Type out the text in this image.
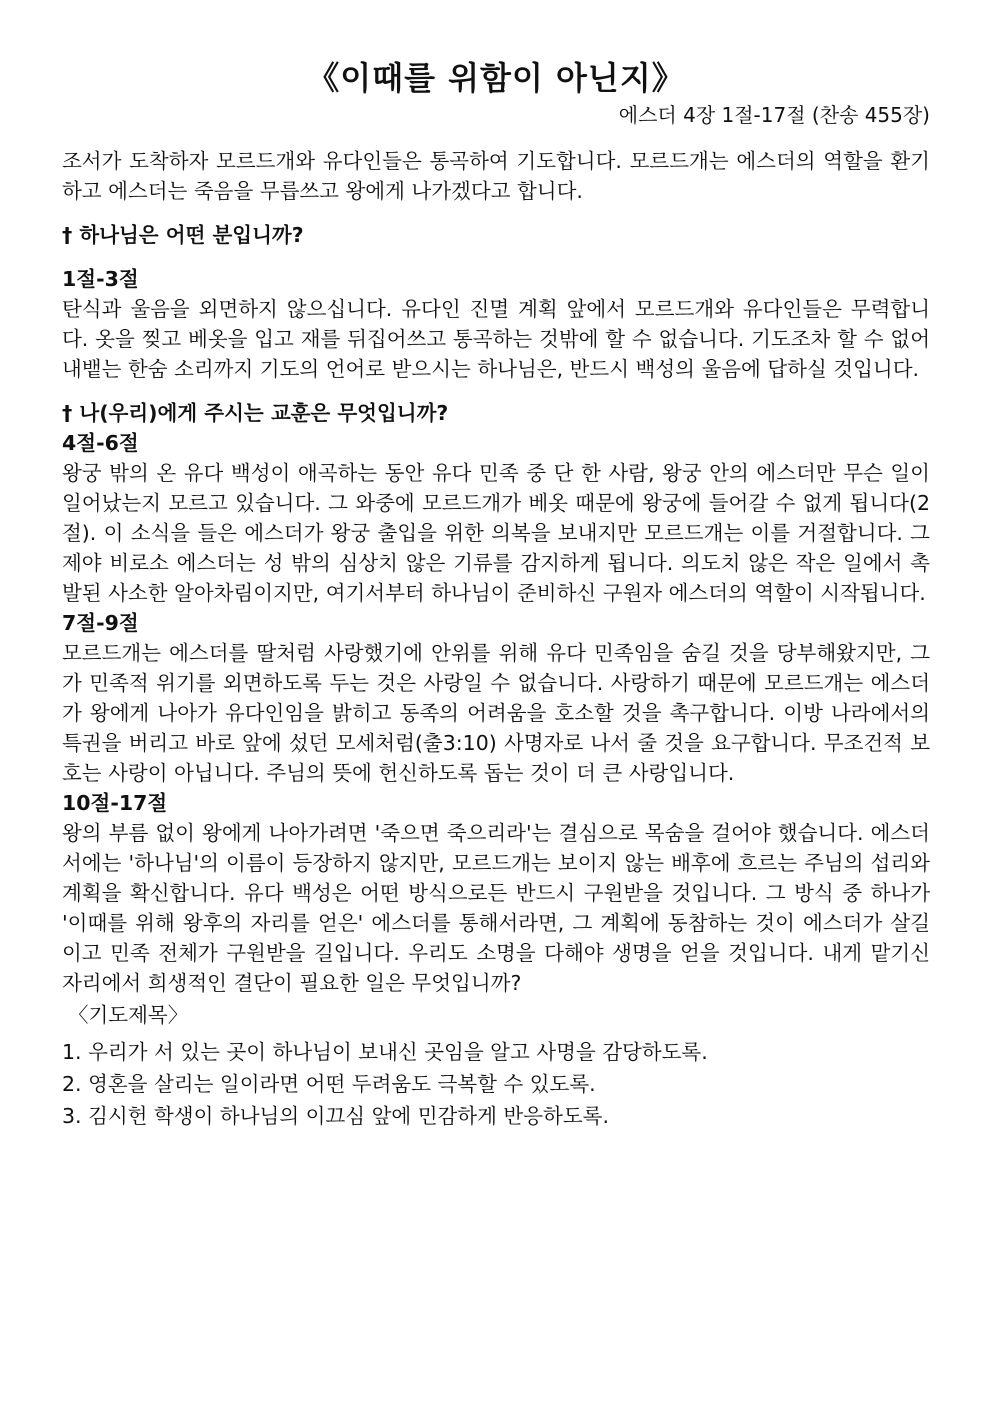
《이때를 위함이 아닌지》
에스더 4장 1절-17절 (찬송 455장)

조서가 도착하자 모르드개와 유다인들은 통곡하여 기도합니다. 모르드개는 에스더의 역할을 환기하고 에스더는 죽음을 무릅쓰고 왕에게 나가겠다고 합니다.

† 하나님은 어떤 분입니까?
1절-3절

탄식과 울음을 외면하지 않으십니다. 유다인 진멸 계획 앞에서 모르드개와 유다인들은 무력합니다. 옷을 찢고 베옷을 입고 재를 뒤집어쓰고 통곡하는 것밖에 할 수 없습니다. 기도조차 할 수 없어 내뱉는 한숨 소리까지 기도의 언어로 받으시는 하나님은, 반드시 백성의 울음에 답하실 것입니다.

† 나(우리)에게 주시는 교훈은 무엇입니까?
4절-6절

왕궁 밖의 온 유다 백성이 애곡하는 동안 유다 민족 중 단 한 사람, 왕궁 안의 에스더만 무슨 일이 일어났는지 모르고 있습니다. 그 와중에 모르드개가 베옷 때문에 왕궁에 들어갈 수 없게 됩니다(2절). 이 소식을 들은 에스더가 왕궁 출입을 위한 의복을 보내지만 모르드개는 이를 거절합니다. 그제야 비로소 에스더는 성 밖의 심상치 않은 기류를 감지하게 됩니다. 의도치 않은 작은 일에서 촉발된 사소한 알아차림이지만, 여기서부터 하나님이 준비하신 구원자 에스더의 역할이 시작됩니다.

7절-9절

모르드개는 에스더를 딸처럼 사랑했기에 안위를 위해 유다 민족임을 숨길 것을 당부해왔지만, 그가 민족적 위기를 외면하도록 두는 것은 사랑일 수 없습니다. 사랑하기 때문에 모르드개는 에스더가 왕에게 나아가 유다인임을 밝히고 동족의 어려움을 호소할 것을 촉구합니다. 이방 나라에서의 특권을 버리고 바로 앞에 섰던 모세처럼(출3:10) 사명자로 나서 줄 것을 요구합니다. 무조건적 보호는 사랑이 아닙니다. 주님의 뜻에 헌신하도록 돕는 것이 더 큰 사랑입니다.

10절-17절

왕의 부름 없이 왕에게 나아가려면 '죽으면 죽으리라'는 결심으로 목숨을 걸어야 했습니다. 에스더서에는 '하나님'의 이름이 등장하지 않지만, 모르드개는 보이지 않는 배후에 흐르는 주님의 섭리와 계획을 확신합니다. 유다 백성은 어떤 방식으로든 반드시 구원받을 것입니다. 그 방식 중 하나가 '이때를 위해 왕후의 자리를 얻은' 에스더를 통해서라면, 그 계획에 동참하는 것이 에스더가 살길이고 민족 전체가 구원받을 길입니다. 우리도 소명을 다해야 생명을 얻을 것입니다. 내게 맡기신 자리에서 희생적인 결단이 필요한 일은 무엇입니까?

〈기도제목〉
1. 우리가 서 있는 곳이 하나님이 보내신 곳임을 알고 사명을 감당하도록.
2. 영혼을 살리는 일이라면 어떤 두려움도 극복할 수 있도록.
3. 김시헌 학생이 하나님의 이끄심 앞에 민감하게 반응하도록.
